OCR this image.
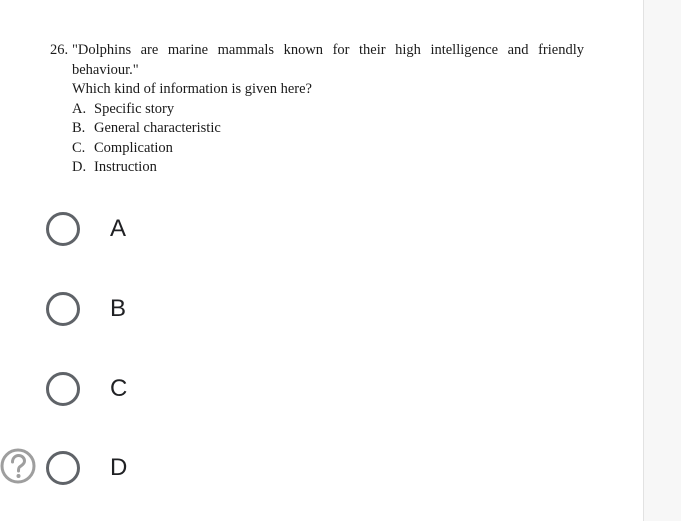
26. "Dolphins are marine mammals known for their high intelligence and friendly behaviour."
Which kind of information is given here?
A. Specific story
B. General characteristic
C. Complication
D. Instruction
A
B
C
D
